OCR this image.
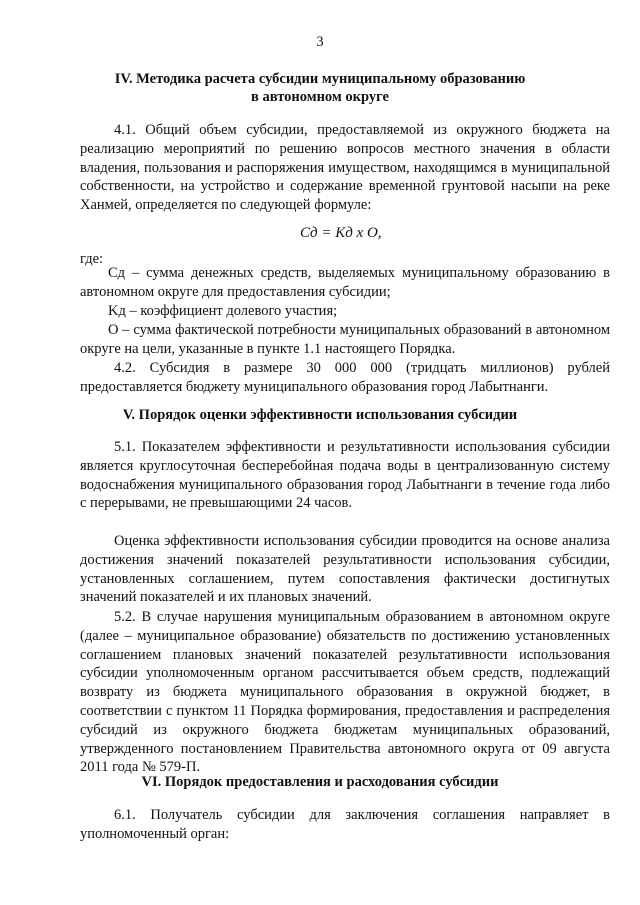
3
IV. Методика расчета субсидии муниципальному образованию
в автономном округе
4.1. Общий объем субсидии, предоставляемой из окружного бюджета на реализацию мероприятий по решению вопросов местного значения в области владения, пользования и распоряжения имуществом, находящимся в муниципальной собственности, на устройство и содержание временной грунтовой насыпи на реке Ханмей, определяется по следующей формуле:
Cд = Kд x О,
где:
Cд – сумма денежных средств, выделяемых муниципальному образованию в автономном округе для предоставления субсидии;
Kд – коэффициент долевого участия;
О – сумма фактической потребности муниципальных образований в автономном округе на цели, указанные в пункте 1.1 настоящего Порядка.
4.2. Субсидия в размере 30 000 000 (тридцать миллионов) рублей предоставляется бюджету муниципального образования город Лабытнанги.
V. Порядок оценки эффективности использования субсидии
5.1. Показателем эффективности и результативности использования субсидии является круглосуточная бесперебойная подача воды в централизованную систему водоснабжения муниципального образования город Лабытнанги в течение года либо с перерывами, не превышающими 24 часов.
Оценка эффективности использования субсидии проводится на основе анализа достижения значений показателей результативности использования субсидии, установленных соглашением, путем сопоставления фактически достигнутых значений показателей и их плановых значений.
5.2. В случае нарушения муниципальным образованием в автономном округе (далее – муниципальное образование) обязательств по достижению установленных соглашением плановых значений показателей результативности использования субсидии уполномоченным органом рассчитывается объем средств, подлежащий возврату из бюджета муниципального образования в окружной бюджет, в соответствии с пунктом 11 Порядка формирования, предоставления и распределения субсидий из окружного бюджета бюджетам муниципальных образований, утвержденного постановлением Правительства автономного округа от 09 августа 2011 года № 579-П.
VI. Порядок предоставления и расходования субсидии
6.1. Получатель субсидии для заключения соглашения направляет в уполномоченный орган:
